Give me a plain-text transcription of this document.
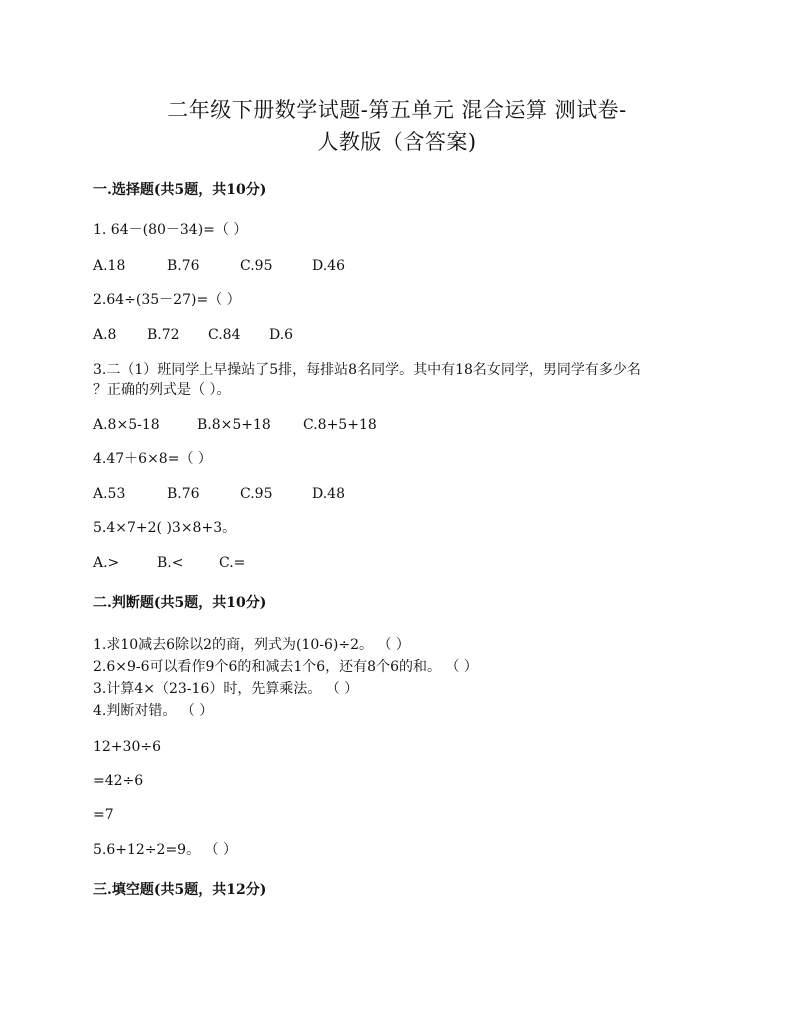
二年级下册数学试题-第五单元 混合运算 测试卷-
人教版（含答案)
一.选择题(共5题，共10分)
1. 64－(80－34)=（ ）
A.18	B.76	C.95	D.46
2.64÷(35－27)=（ ）
A.8 B.72 C.84 D.6
3.二（1）班同学上早操站了5排，每排站8名同学。其中有18名女同学，男同学有多少名
？正确的列式是（ ）。
A.8×5-18	B.8×5+18 C.8+5+18
4.47＋6×8=（ ）
A.53	B.76	C.95	D.48
5.4×7+2( )3×8+3。
A.>	B.<	C.=
二.判断题(共5题，共10分)
1.求10减去6除以2的商，列式为(10-6)÷2。 （ ）
2.6×9-6可以看作9个6的和减去1个6，还有8个6的和。 （ ）
3.计算4×（23-16）时，先算乘法。 （ ）
4.判断对错。 （ ）
12+30÷6
=42÷6
=7
5.6+12÷2=9。 （ ）
三.填空题(共5题，共12分)
